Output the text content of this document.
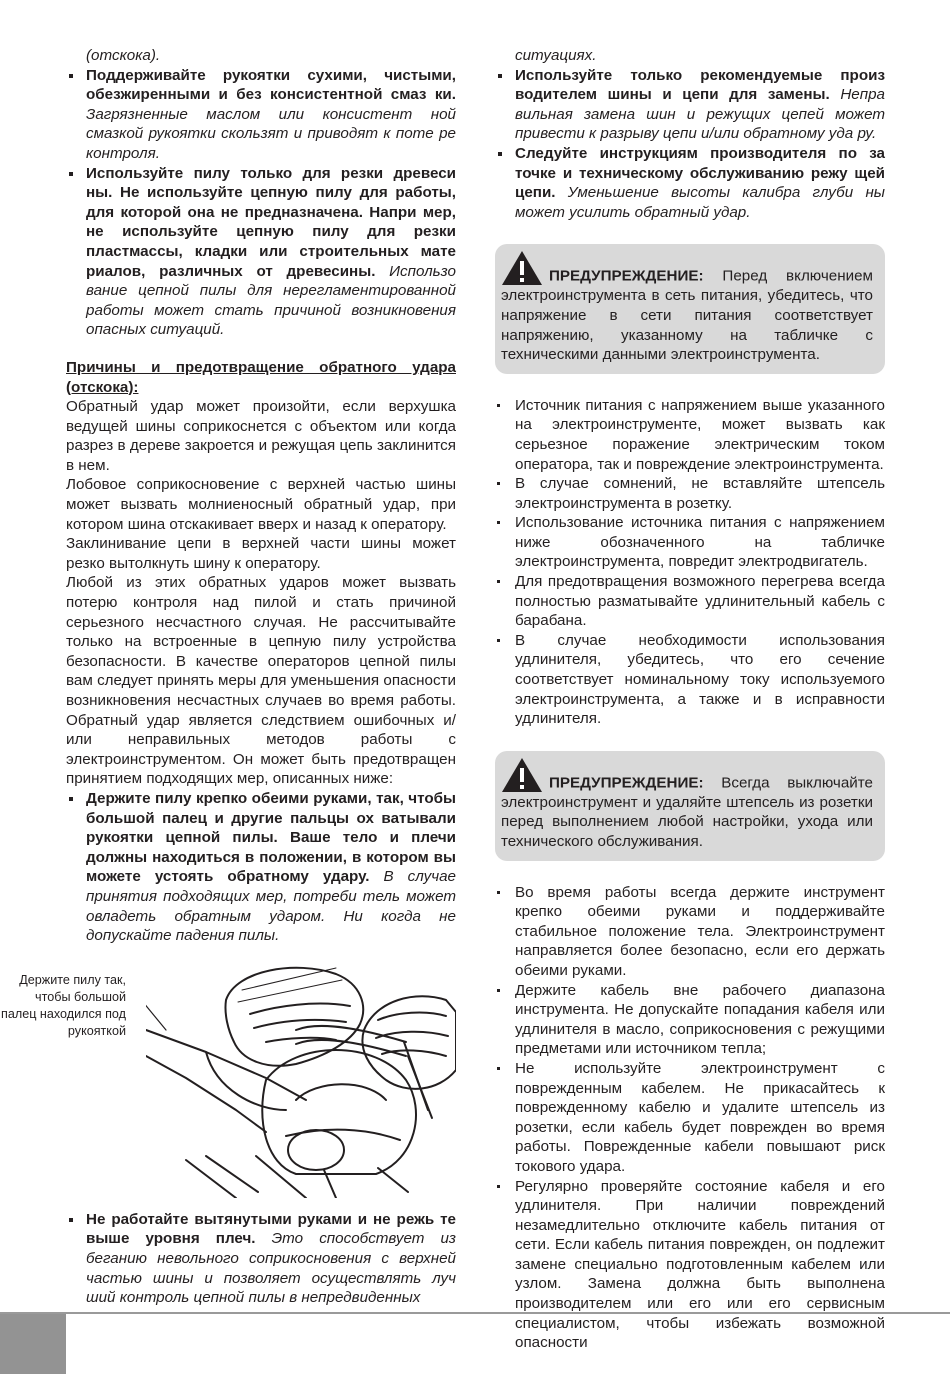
(отскока).

Поддерживайте рукоятки сухими, чистыми, обезжиренными и без консистентной смаз ки. Загрязненные маслом или консистент ной смазкой рукоятки скользят и приводят к поте ре контроля.

Используйте пилу только для резки древеси ны. Не используйте цепную пилу для работы, для которой она не предназначена. Напри мер, не используйте цепную пилу для резки пластмассы, кладки или строительных мате риалов, различных от древесины. Использо вание цепной пилы для нерегламентированной работы может стать причиной возникновения опасных ситуаций.

Причины и предотвращение обратного удара (отскока):

Обратный удар может произойти, если верхушка ведущей шины соприкоснется с объектом или когда разрез в дереве закроется и режущая цепь заклинится в нем.

Лобовое соприкосновение с верхней частью шины может вызвать молниеносный обратный удар, при котором шина отскакивает вверх и назад к оператору.

Заклинивание цепи в верхней части шины может резко вытолкнуть шину к оператору.

Любой из этих обратных ударов может вызвать потерю контроля над пилой и стать причиной серьезного несчастного случая. Не рассчитывайте только на встроенные в цепную пилу устройства безопасности. В качестве операторов цепной пилы вам следует принять меры для уменьшения опасности возникновения несчастных случаев во время работы. Обратный удар является следствием ошибочных и/или неправильных методов работы с электроинструментом. Он может быть предотвращен принятием подходящих мер, описанных ниже:

Держите пилу крепко обеими руками, так, чтобы большой палец и другие пальцы ох ватывали рукоятки цепной пилы. Ваше тело и плечи должны находиться в положении, в котором вы можете устоять обратному удару. В случае принятия подходящих мер, потреби тель может овладеть обратным ударом. Ни когда не допускайте падения пилы.

Держите пилу так, чтобы большой палец находился под рукояткой

Не работайте вытянутыми руками и не режь те выше уровня плеч. Это способствует из беганию невольного соприкосновения с верхней частью шины и позволяет осуществлять луч ший контроль цепной пилы в непредвиденных

ситуациях.

Используйте только рекомендуемые произ водителем шины и цепи для замены. Непра вильная замена шин и режущих цепей может привести к разрыву цепи и/или обратному уда ру.

Следуйте инструкциям производителя по за точке и техническому обслуживанию режу щей цепи. Уменьшение высоты калибра глуби ны может усилить обратный удар.

ПРЕДУПРЕЖДЕНИЕ: Перед включением электроинструмента в сеть питания, убедитесь, что напряжение в сети питания соответствует напряжению, указанному на табличке с техническими данными электроинструмента.

Источник питания с напряжением выше указанного на электроинструменте, может вызвать как серьезное поражение электрическим током оператора, так и повреждение электроинструмента.

В случае сомнений, не вставляйте штепсель электроинструмента в розетку.

Использование источника питания с напряжением ниже обозначенного на табличке электроинструмента, повредит электродвигатель.

Для предотвращения возможного перегрева всегда полностью разматывайте удлинительный кабель с барабана.

В случае необходимости использования удлинителя, убедитесь, что его сечение соответствует номинальному току используемого электроинструмента, а также и в исправности удлинителя.

ПРЕДУПРЕЖДЕНИЕ: Всегда выключайте электроинструмент и удаляйте штепсель из розетки перед выполнением любой настройки, ухода или технического обслуживания.

Во время работы всегда держите инструмент крепко обеими руками и поддерживайте стабильное положение тела. Электроинструмент направляется более безопасно, если его держать обеими руками.

Держите кабель вне рабочего диапазона инструмента. Не допускайте попадания кабеля или удлинителя в масло, соприкосновения с режущими предметами или источником тепла;

Не используйте электроинструмент с поврежденным кабелем. Не прикасайтесь к поврежденному кабелю и удалите штепсель из розетки, если кабель будет поврежден во время работы. Поврежденные кабели повышают риск токового удара.

Регулярно проверяйте состояние кабеля и его удлинителя. При наличии повреждений незамедлительно отключите кабель питания от сети. Если кабель питания поврежден, он подлежит замене специально подготовленным кабелем или узлом. Замена должна быть выполнена производителем или его или его сервисным специалистом, чтобы избежать возможной опасности
